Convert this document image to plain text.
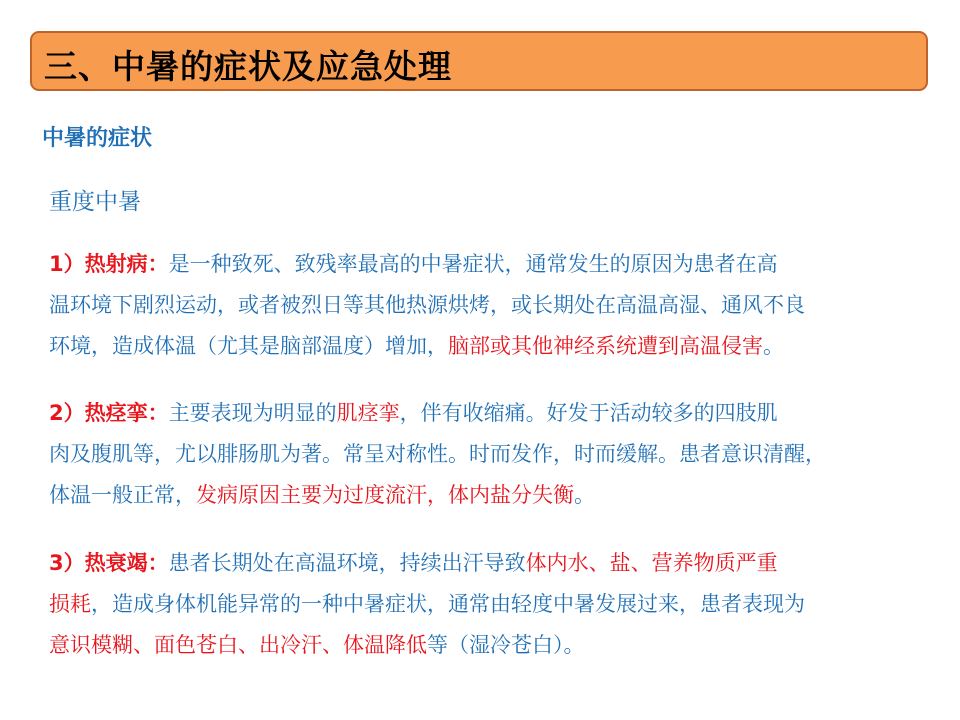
三、中暑的症状及应急处理
中暑的症状
重度中暑
1）热射病：是一种致死、致残率最高的中暑症状，通常发生的原因为患者在高
温环境下剧烈运动，或者被烈日等其他热源烘烤，或长期处在高温高湿、通风不良
环境，造成体温（尤其是脑部温度）增加，脑部或其他神经系统遭到高温侵害。
2）热痉挛：主要表现为明显的肌痉挛，伴有收缩痛。好发于活动较多的四肢肌
肉及腹肌等，尤以腓肠肌为著。常呈对称性。时而发作，时而缓解。患者意识清醒，
体温一般正常，发病原因主要为过度流汗，体内盐分失衡。
3）热衰竭：患者长期处在高温环境，持续出汗导致体内水、盐、营养物质严重
损耗，造成身体机能异常的一种中暑症状，通常由轻度中暑发展过来，患者表现为
意识模糊、面色苍白、出冷汗、体温降低等（湿冷苍白）。
